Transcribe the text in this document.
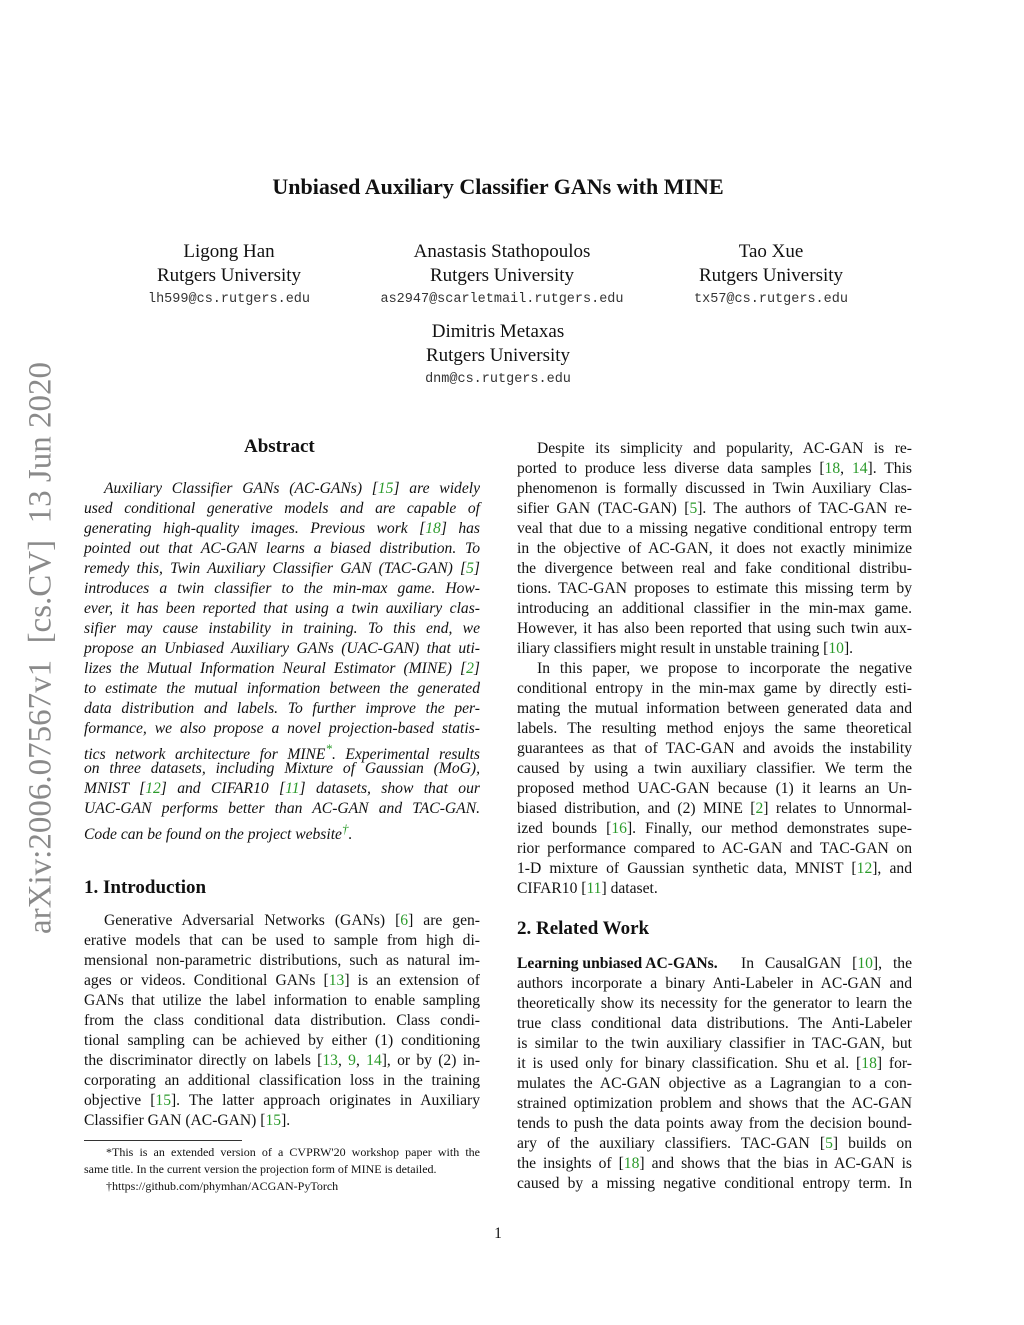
arXiv:2006.07567v1  [cs.CV]  13 Jun 2020
Unbiased Auxiliary Classifier GANs with MINE
Ligong Han
Rutgers University
lh599@cs.rutgers.edu
Anastasis Stathopoulos
Rutgers University
as2947@scarletmail.rutgers.edu
Tao Xue
Rutgers University
tx57@cs.rutgers.edu
Dimitris Metaxas
Rutgers University
dnm@cs.rutgers.edu
Abstract
1. Introduction
2. Related Work
Learning unbiased AC-GANs.
Auxiliary Classifier GANs (AC-GANs) [15] are widely
used conditional generative models and are capable of
generating high-quality images. Previous work [18] has
pointed out that AC-GAN learns a biased distribution. To
remedy this, Twin Auxiliary Classifier GAN (TAC-GAN) [5]
introduces a twin classifier to the min-max game. How-
ever, it has been reported that using a twin auxiliary clas-
sifier may cause instability in training. To this end, we
propose an Unbiased Auxiliary GANs (UAC-GAN) that uti-
lizes the Mutual Information Neural Estimator (MINE) [2]
to estimate the mutual information between the generated
data distribution and labels. To further improve the per-
formance, we also propose a novel projection-based statis-
tics network architecture for MINE*. Experimental results
on three datasets, including Mixture of Gaussian (MoG),
MNIST [12] and CIFAR10 [11] datasets, show that our
UAC-GAN performs better than AC-GAN and TAC-GAN.
Code can be found on the project website†.
Generative Adversarial Networks (GANs) [6] are gen-
erative models that can be used to sample from high di-
mensional non-parametric distributions, such as natural im-
ages or videos. Conditional GANs [13] is an extension of
GANs that utilize the label information to enable sampling
from the class conditional data distribution. Class condi-
tional sampling can be achieved by either (1) conditioning
the discriminator directly on labels [13, 9, 14], or by (2) in-
corporating an additional classification loss in the training
objective [15]. The latter approach originates in Auxiliary
Classifier GAN (AC-GAN) [15].
Despite its simplicity and popularity, AC-GAN is re-
ported to produce less diverse data samples [18, 14]. This
phenomenon is formally discussed in Twin Auxiliary Clas-
sifier GAN (TAC-GAN) [5]. The authors of TAC-GAN re-
veal that due to a missing negative conditional entropy term
in the objective of AC-GAN, it does not exactly minimize
the divergence between real and fake conditional distribu-
tions. TAC-GAN proposes to estimate this missing term by
introducing an additional classifier in the min-max game.
However, it has also been reported that using such twin aux-
iliary classifiers might result in unstable training [10].
In this paper, we propose to incorporate the negative
conditional entropy in the min-max game by directly esti-
mating the mutual information between generated data and
labels. The resulting method enjoys the same theoretical
guarantees as that of TAC-GAN and avoids the instability
caused by using a twin auxiliary classifier. We term the
proposed method UAC-GAN because (1) it learns an Un-
biased distribution, and (2) MINE [2] relates to Unnormal-
ized bounds [16]. Finally, our method demonstrates supe-
rior performance compared to AC-GAN and TAC-GAN on
1-D mixture of Gaussian synthetic data, MNIST [12], and
CIFAR10 [11] dataset.
In CausalGAN [10], the
authors incorporate a binary Anti-Labeler in AC-GAN and
theoretically show its necessity for the generator to learn the
true class conditional data distributions. The Anti-Labeler
is similar to the twin auxiliary classifier in TAC-GAN, but
it is used only for binary classification. Shu et al. [18] for-
mulates the AC-GAN objective as a Lagrangian to a con-
strained optimization problem and shows that the AC-GAN
tends to push the data points away from the decision bound-
ary of the auxiliary classifiers. TAC-GAN [5] builds on
the insights of [18] and shows that the bias in AC-GAN is
caused by a missing negative conditional entropy term. In
*This is an extended version of a CVPRW'20 workshop paper with the
same title. In the current version the projection form of MINE is detailed.
†https://github.com/phymhan/ACGAN-PyTorch
1
